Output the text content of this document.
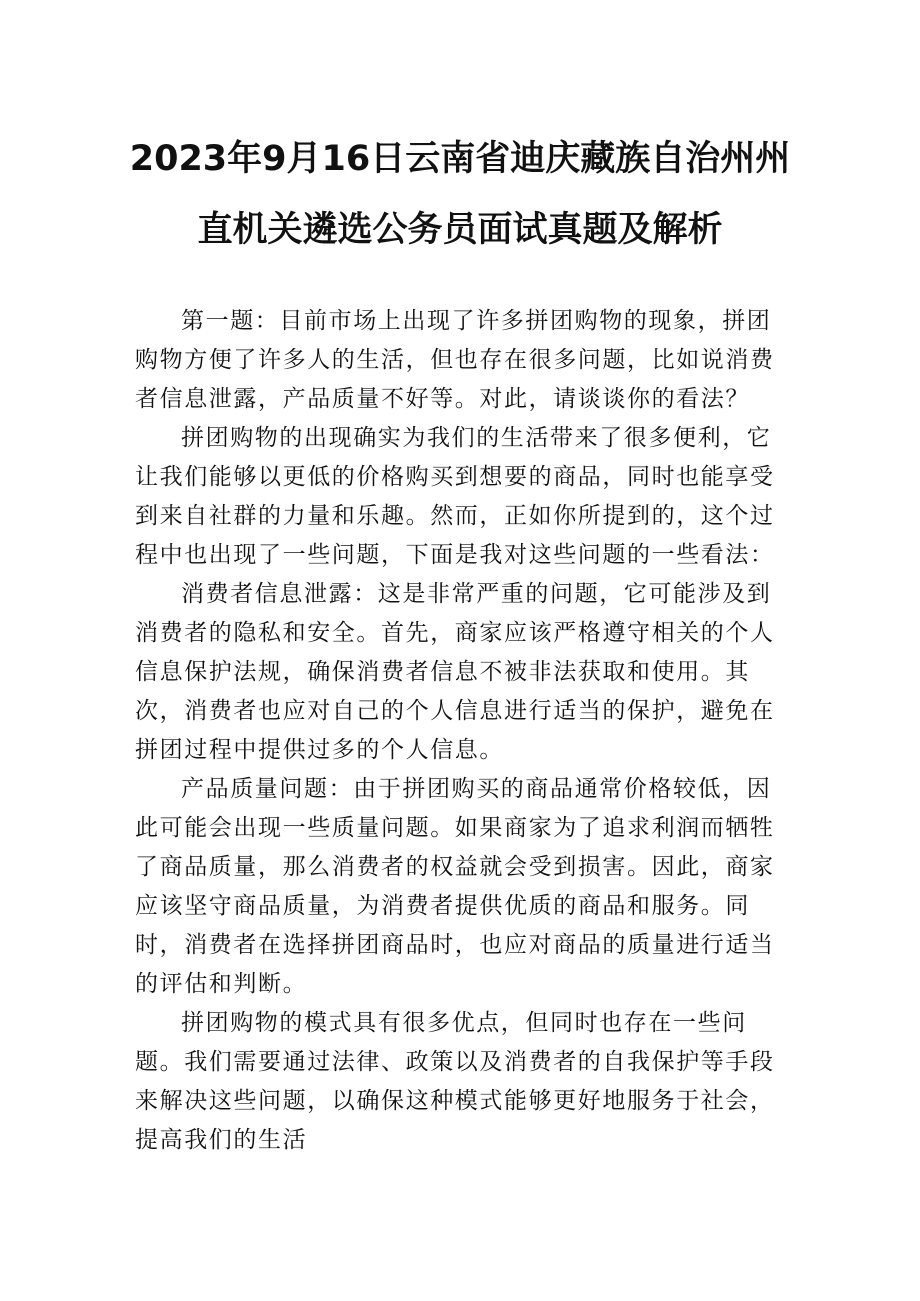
2023年9月16日云南省迪庆藏族自治州州
直机关遴选公务员面试真题及解析

第一题：目前市场上出现了许多拼团购物的现象，拼团购物方便了许多人的生活，但也存在很多问题，比如说消费者信息泄露，产品质量不好等。对此，请谈谈你的看法？

拼团购物的出现确实为我们的生活带来了很多便利，它让我们能够以更低的价格购买到想要的商品，同时也能享受到来自社群的力量和乐趣。然而，正如你所提到的，这个过程中也出现了一些问题，下面是我对这些问题的一些看法：

消费者信息泄露：这是非常严重的问题，它可能涉及到消费者的隐私和安全。首先，商家应该严格遵守相关的个人信息保护法规，确保消费者信息不被非法获取和使用。其次，消费者也应对自己的个人信息进行适当的保护，避免在拼团过程中提供过多的个人信息。

产品质量问题：由于拼团购买的商品通常价格较低，因此可能会出现一些质量问题。如果商家为了追求利润而牺牲了商品质量，那么消费者的权益就会受到损害。因此，商家应该坚守商品质量，为消费者提供优质的商品和服务。同时，消费者在选择拼团商品时，也应对商品的质量进行适当的评估和判断。

拼团购物的模式具有很多优点，但同时也存在一些问题。我们需要通过法律、政策以及消费者的自我保护等手段来解决这些问题，以确保这种模式能够更好地服务于社会，提高我们的生活
